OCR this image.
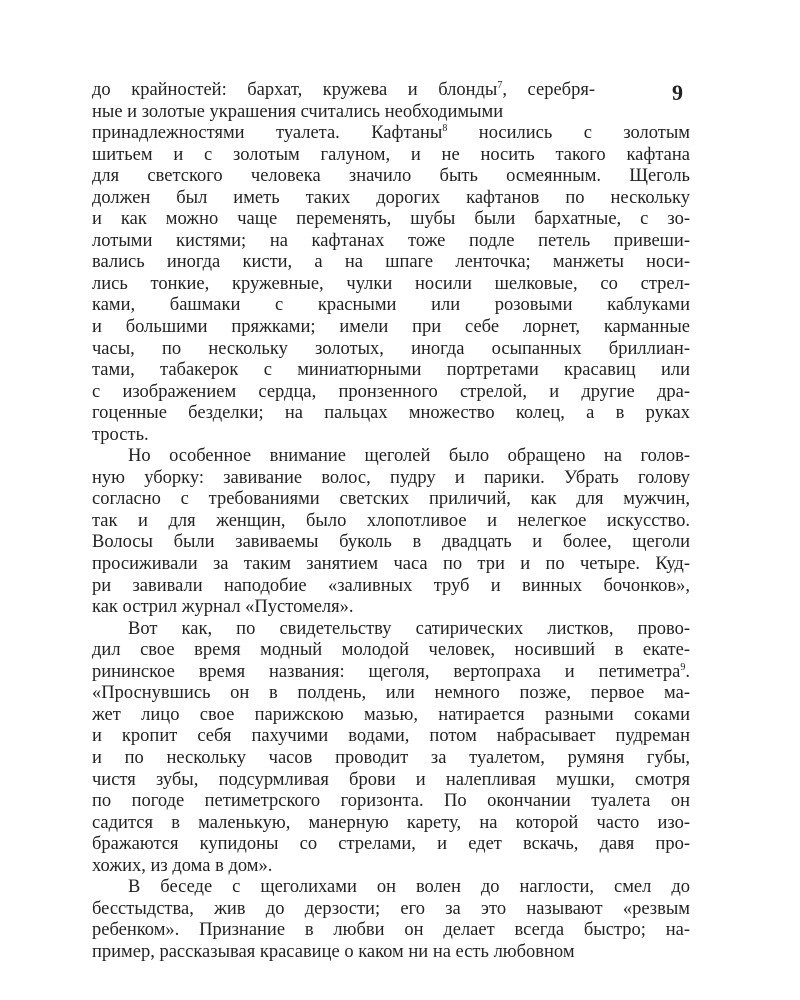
9
до крайностей: бархат, кружева и блонды$^7$, серебря-
ные и золотые украшения считались необходимыми
принадлежностями туалета. Кафтаны$^8$ носились с золотым
шитьем и с золотым галуном, и не носить такого кафтана
для светского человека значило быть осмеянным. Щеголь
должен был иметь таких дорогих кафтанов по нескольку
и как можно чаще переменять, шубы были бархатные, с зо-
лотыми кистями; на кафтанах тоже подле петель привеши-
вались иногда кисти, а на шпаге ленточка; манжеты носи-
лись тонкие, кружевные, чулки носили шелковые, со стрел-
ками, башмаки с красными или розовыми каблуками
и большими пряжками; имели при себе лорнет, карманные
часы, по нескольку золотых, иногда осыпанных бриллиан-
тами, табакерок с миниатюрными портретами красавиц или
с изображением сердца, пронзенного стрелой, и другие дра-
гоценные безделки; на пальцах множество колец, а в руках
трость.
Но особенное внимание щеголей было обращено на голов-
ную уборку: завивание волос, пудру и парики. Убрать голову
согласно с требованиями светских приличий, как для мужчин,
так и для женщин, было хлопотливое и нелегкое искусство.
Волосы были завиваемы буколь в двадцать и более, щеголи
просиживали за таким занятием часа по три и по четыре. Куд-
ри завивали наподобие «заливных труб и винных бочонков»,
как острил журнал «Пустомеля».
Вот как, по свидетельству сатирических листков, прово-
дил свое время модный молодой человек, носивший в екате-
рининское время названия: щеголя, вертопраха и петиметра$^9$.
«Проснувшись он в полдень, или немного позже, первое ма-
жет лицо свое парижскою мазью, натирается разными соками
и кропит себя пахучими водами, потом набрасывает пудреман
и по нескольку часов проводит за туалетом, румяня губы,
чистя зубы, подсурмливая брови и налепливая мушки, смотря
по погоде петиметрского горизонта. По окончании туалета он
садится в маленькую, манерную карету, на которой часто изо-
бражаются купидоны со стрелами, и едет вскачь, давя про-
хожих, из дома в дом».
В беседе с щеголихами он волен до наглости, смел до
бесстыдства, жив до дерзости; его за это называют «резвым
ребенком». Признание в любви он делает всегда быстро; на-
пример, рассказывая красавице о каком ни на есть любовном
